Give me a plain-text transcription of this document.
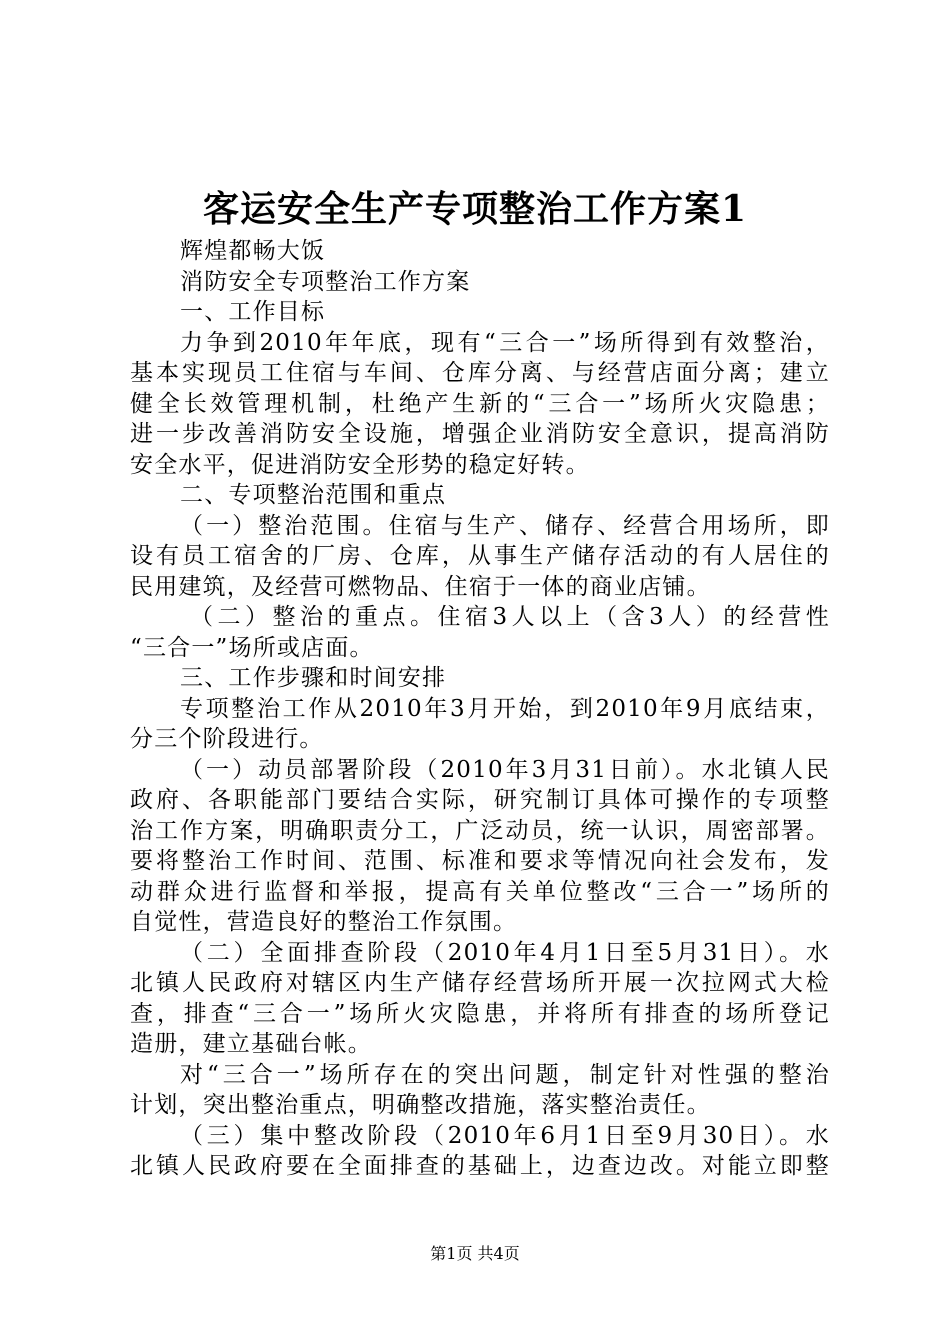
客运安全生产专项整治工作方案1
辉煌都畅大饭
消防安全专项整治工作方案
一、工作目标
力争到2010年年底，现有“三合一”场所得到有效整治，
基本实现员工住宿与车间、仓库分离、与经营店面分离；建立
健全长效管理机制，杜绝产生新的“三合一”场所火灾隐患；
进一步改善消防安全设施，增强企业消防安全意识，提高消防
安全水平，促进消防安全形势的稳定好转。
二、专项整治范围和重点
（一）整治范围。住宿与生产、储存、经营合用场所，即
设有员工宿舍的厂房、仓库，从事生产储存活动的有人居住的
民用建筑，及经营可燃物品、住宿于一体的商业店铺。
（二）整治的重点。住宿3人以上（含3人）的经营性
“三合一”场所或店面。
三、工作步骤和时间安排
专项整治工作从2010年3月开始，到2010年9月底结束，
分三个阶段进行。
（一）动员部署阶段（2010年3月31日前）。水北镇人民
政府、各职能部门要结合实际，研究制订具体可操作的专项整
治工作方案，明确职责分工，广泛动员，统一认识，周密部署。
要将整治工作时间、范围、标准和要求等情况向社会发布，发
动群众进行监督和举报，提高有关单位整改“三合一”场所的
自觉性，营造良好的整治工作氛围。
（二）全面排查阶段（2010年4月1日至5月31日）。水
北镇人民政府对辖区内生产储存经营场所开展一次拉网式大检
查，排查“三合一”场所火灾隐患，并将所有排查的场所登记
造册，建立基础台帐。
对“三合一”场所存在的突出问题，制定针对性强的整治
计划，突出整治重点，明确整改措施，落实整治责任。
（三）集中整改阶段（2010年6月1日至9月30日）。水
北镇人民政府要在全面排查的基础上，边查边改。对能立即整
第1页 共4页
